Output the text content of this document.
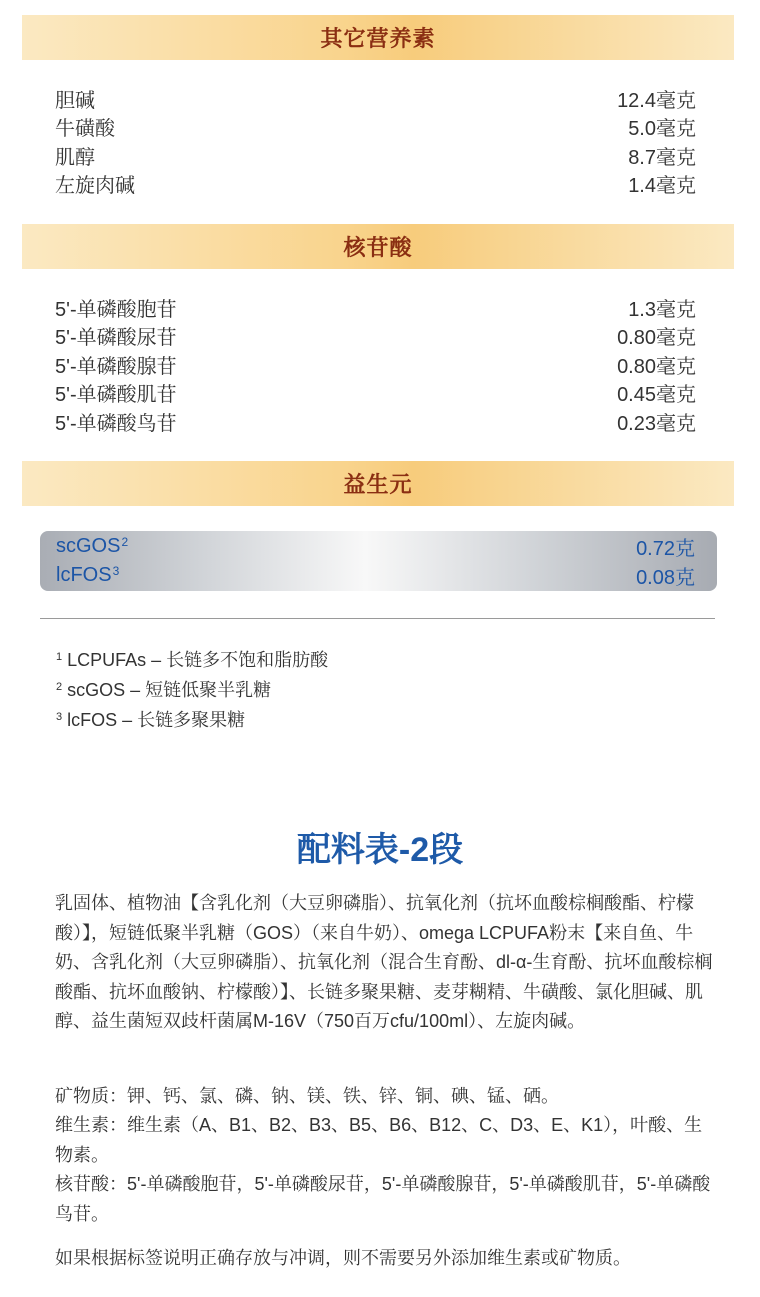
其它营养素
胆碱	12.4毫克
牛磺酸	5.0毫克
肌醇	8.7毫克
左旋肉碱	1.4毫克
核苷酸
5'-单磷酸胞苷	1.3毫克
5'-单磷酸尿苷	0.80毫克
5'-单磷酸腺苷	0.80毫克
5'-单磷酸肌苷	0.45毫克
5'-单磷酸鸟苷	0.23毫克
益生元
scGOS$^2$	0.72克
lcFOS$^3$	0.08克
$^1$ LCPUFAs – 长链多不饱和脂肪酸
$^2$ scGOS – 短链低聚半乳糖
$^3$ lcFOS – 长链多聚果糖
配料表-2段
乳固体、植物油【含乳化剂（大豆卵磷脂）、抗氧化剂（抗坏血酸棕榈酸酯、柠檬酸）】，短链低聚半乳糖（GOS）（来自牛奶）、omega LCPUFA粉末【来自鱼、牛奶、含乳化剂（大豆卵磷脂）、抗氧化剂（混合生育酚、dl-α-生育酚、抗坏血酸棕榈酸酯、抗坏血酸钠、柠檬酸）】、长链多聚果糖、麦芽糊精、牛磺酸、氯化胆碱、肌醇、益生菌短双歧杆菌属M-16V（750百万cfu/100ml）、左旋肉碱。
矿物质：钾、钙、氯、磷、钠、镁、铁、锌、铜、碘、锰、硒。
维生素：维生素（A、B1、B2、B3、B5、B6、B12、C、D3、E、K1），叶酸、生物素。
核苷酸：5'-单磷酸胞苷，5'-单磷酸尿苷，5'-单磷酸腺苷，5'-单磷酸肌苷，5'-单磷酸鸟苷。
如果根据标签说明正确存放与冲调，则不需要另外添加维生素或矿物质。
